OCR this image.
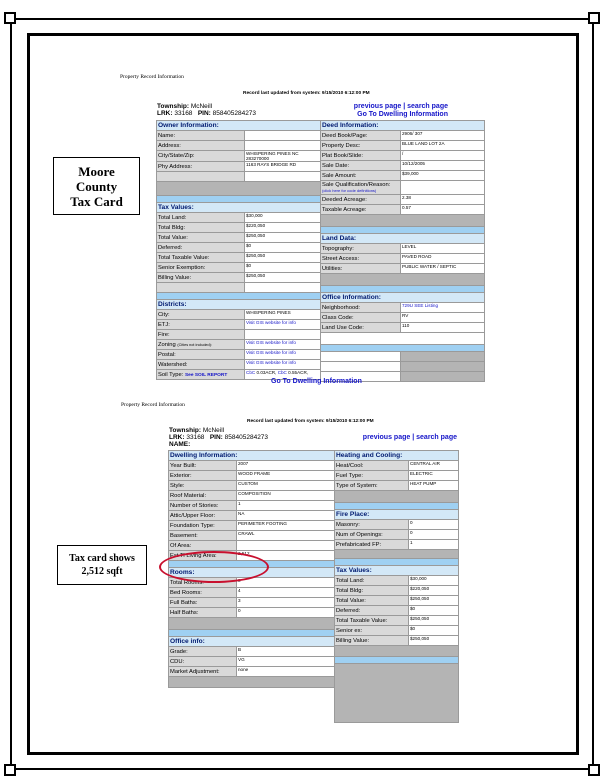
Property Record Information
Record last updated from system: 9/15/2010 6:12:00 PM
Township: McNeill
LRK: 33168 PIN: 858405284273
previous page | search page
Go To Dwelling Information
Owner Information:	
Name:	
Address:	
City/State/Zip:	WHISPERING PINES NC 283270000
Phy Address:	1163 RAYS BRIDGE RD

Tax Values:	
Total Land:	$30,000
Total Bldg:	$220,050
Total Value:	$250,050
Deferred:	$0
Total Taxable Value:	$250,050
Senior Exemption:	$0
Billing Value:	$250,050

Districts:	
City:	WHISPERING PINES
ETJ:	Visit GIS website for info
Fire:	
Zoning (Cities not included):	Visit GIS website for info
Postal:	Visit GIS website for info
Watershed:	Visit GIS website for info
Soil Type: See SOIL REPORT	CbC 0.03ACR, CbC 0.55ACR,
Deed Information:	
Deed Book/Page:	2906/ 307
Property Desc:	BLUE LAND LOT 2A
Plat Book/Slide:	/
Sale Date:	10/12/2005
Sale Amount:	$39,000
Sale Qualification/Reason:
(click here for code definitions)	
Deeded Acreage:	2.38
Taxable Acreage:	0.57

Land Data:	
Topography:	LEVEL
Street Access:	PAVED ROAD
Utilities:	PUBLIC WATER / SEPTIC

Office Information:	
Neighborhood:	729U SEE Listing
Class Code:	RV
Land Use Code:	110

Go To Dwelling Information
Property Record Information
Record last updated from system: 9/15/2010 6:12:00 PM
Township: McNeill
LRK: 33168 PIN: 858405284273
NAME:
previous page | search page
Dwelling Information:	
Year Built:	2007
Exterior:	WOOD FRAME
Style:	CUSTOM
Roof Material:	COMPOSITION
Number of Stories:	1
Attic/Upper Floor:	NA
Foundation Type:	PERIMETER FOOTING
Basement:	CRAWL
Of Area:	
Est Tl Living Area:	2,512

Rooms:	
Total Rooms:	8
Bed Rooms:	4
Full Baths:	3
Half Baths:	0

Office info:	
Grade:	B
CDU:	VG
Market Adjustment:	none

Heating and Cooling:	
Heat/Cool:	CENTRAL AIR
Fuel Type:	ELECTRIC
Type of System:	HEAT PUMP

Fire Place:	
Masonry:	0
Num of Openings:	0
Prefabricated FP:	1

Tax Values:	
Total Land:	$30,000
Total Bldg:	$220,050
Total Value:	$250,050
Deferred:	$0
Total Taxable Value:	$250,050
Senior ex:	$0
Billing Value:	$250,050

Moore
County
Tax Card
Tax card shows
2,512 sqft
